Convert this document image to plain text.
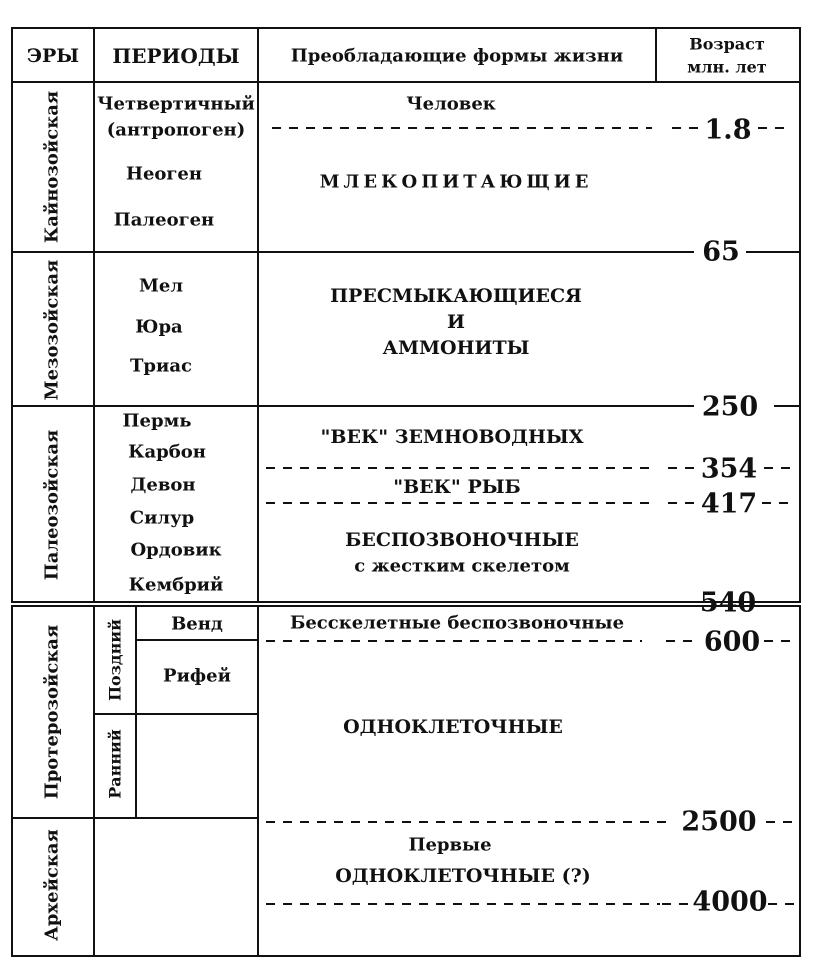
ЭРЫ ПЕРИОДЫ	Преобладающие формы жизни
Возраст
млн. лет
Кайнозойская
Мезозойская
Палеозойская
Протерозойская
Архейская
Поздний
Ранний
Четвертичный
(антропоген)
Неоген
Палеоген
Мел
Юра
Триас
Пермь
Карбон
Девон
Силур
Ордовик
Кембрий
Венд
Рифей
Человек
МЛЕКОПИТАЮЩИЕ
ПРЕСМЫКАЮЩИЕСЯ
И
АММОНИТЫ
"ВЕК" ЗЕМНОВОДНЫХ
"ВЕК" РЫБ
БЕСПОЗВОНОЧНЫЕ
с жестким скелетом
Бесскелетные беспозвоночные
ОДНОКЛЕТОЧНЫЕ
Первые
ОДНОКЛЕТОЧНЫЕ (?)
1.8
65
250
354
417
540
600
2500
4000
